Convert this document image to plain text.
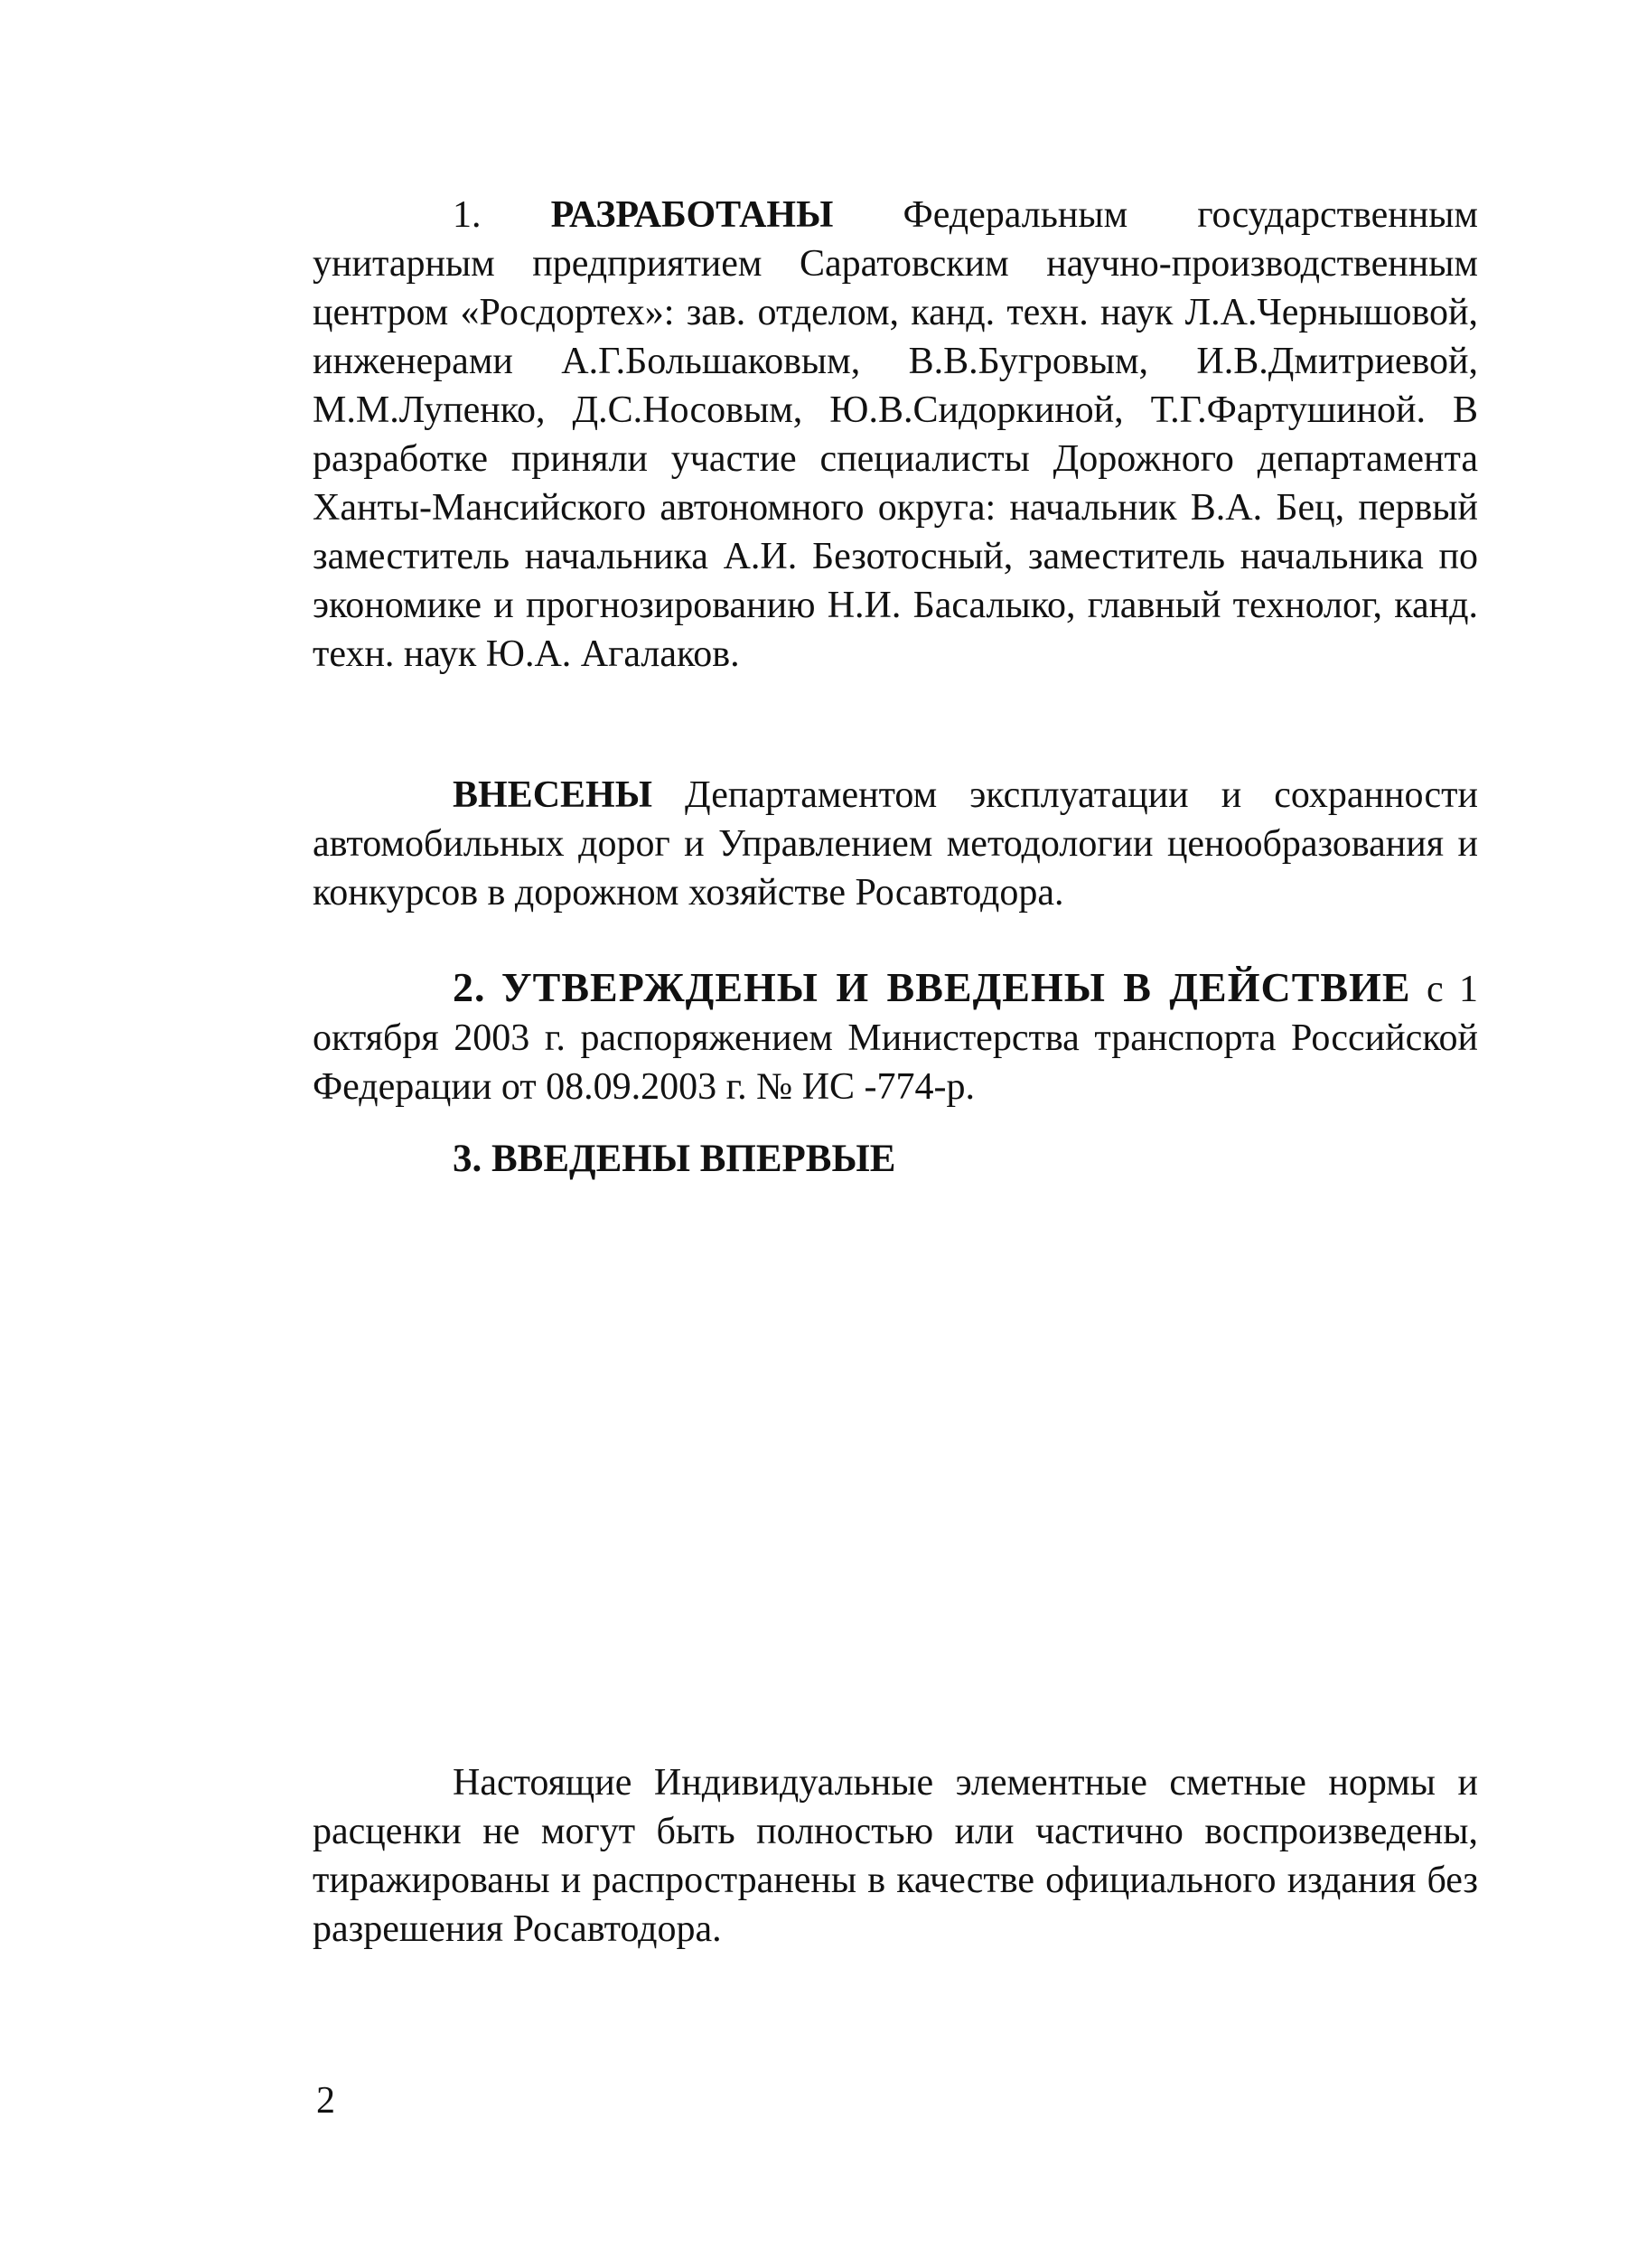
1. РАЗРАБОТАНЫ Федеральным государственным унитарным предприятием Саратовским научно-производственным центром «Росдортех»: зав. отделом, канд. техн. наук Л.А.Чернышовой, инженерами А.Г.Большаковым, В.В.Бугровым, И.В.Дмитриевой, М.М.Лупенко, Д.С.Носовым, Ю.В.Сидоркиной, Т.Г.Фартушиной. В разработке приняли участие специалисты Дорожного департамента Ханты-Мансийского автономного округа: начальник В.А. Бец, первый заместитель начальника А.И. Безотосный, заместитель начальника по экономике и прогнозированию Н.И. Басалыко, главный технолог, канд. техн. наук Ю.А. Агалаков.

ВНЕСЕНЫ Департаментом эксплуатации и сохранности автомобильных дорог и Управлением методологии ценообразования и конкурсов в дорожном хозяйстве Росавтодора.

2. УТВЕРЖДЕНЫ И ВВЕДЕНЫ В ДЕЙСТВИЕ с 1 октября 2003 г. распоряжением Министерства транспорта Российской Федерации от 08.09.2003 г. № ИС -774-р.

3. ВВЕДЕНЫ ВПЕРВЫЕ

Настоящие Индивидуальные элементные сметные нормы и расценки не могут быть полностью или частично воспроизведены, тиражированы и распространены в качестве официального издания без разрешения Росавтодора.

2
